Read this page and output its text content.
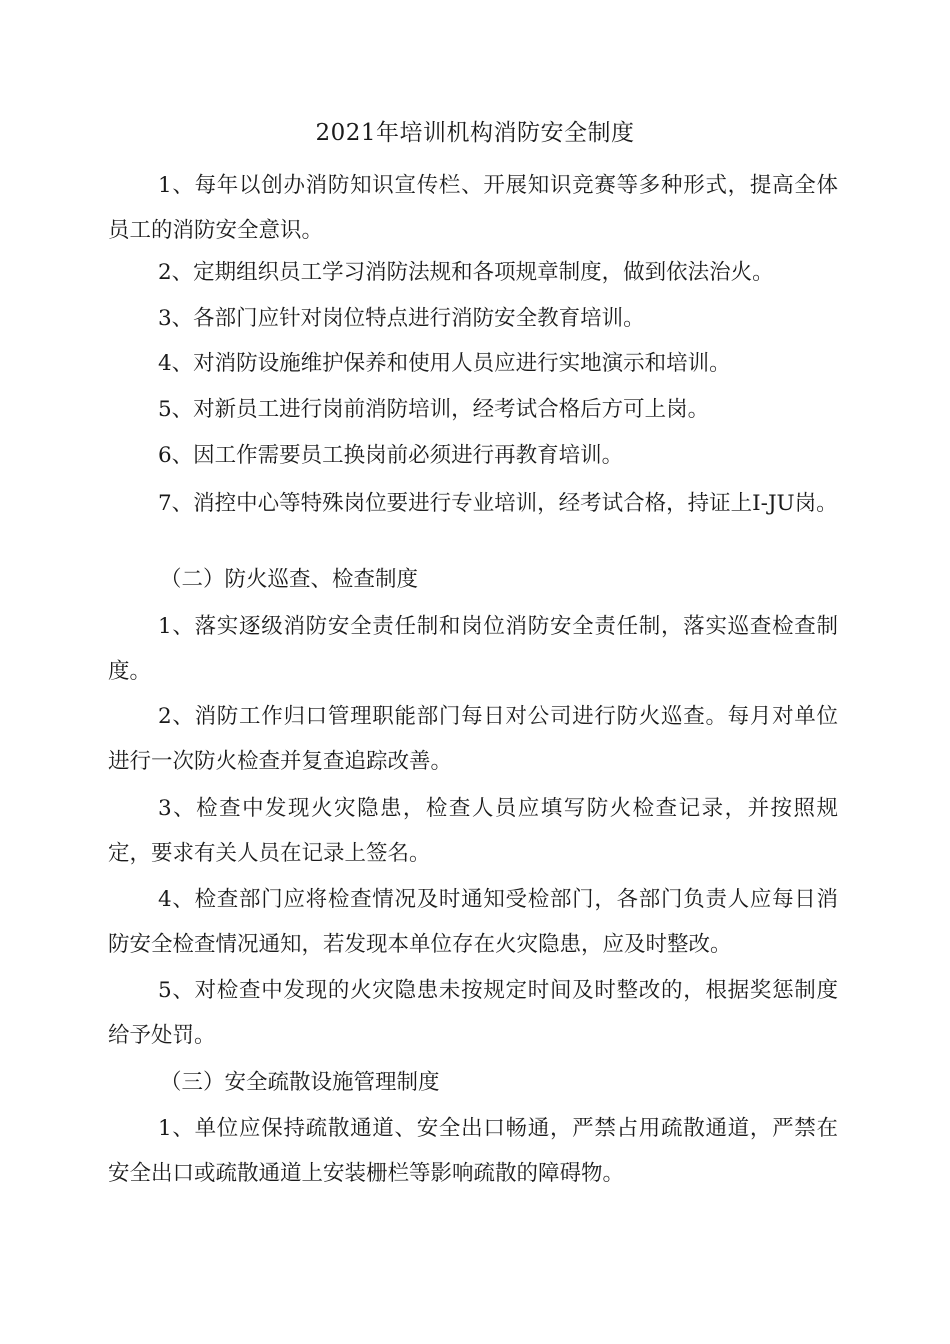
2021年培训机构消防安全制度

1、每年以创办消防知识宣传栏、开展知识竞赛等多种形式，提高全体员工的消防安全意识。

2、定期组织员工学习消防法规和各项规章制度，做到依法治火。

3、各部门应针对岗位特点进行消防安全教育培训。

4、对消防设施维护保养和使用人员应进行实地演示和培训。

5、对新员工进行岗前消防培训，经考试合格后方可上岗。

6、因工作需要员工换岗前必须进行再教育培训。

7、消控中心等特殊岗位要进行专业培训，经考试合格，持证上I-JU岗。

（二）防火巡查、检查制度

1、落实逐级消防安全责任制和岗位消防安全责任制，落实巡查检查制度。

2、消防工作归口管理职能部门每日对公司进行防火巡查。每月对单位进行一次防火检查并复查追踪改善。

3、检查中发现火灾隐患，检查人员应填写防火检查记录，并按照规定，要求有关人员在记录上签名。

4、检查部门应将检查情况及时通知受检部门，各部门负责人应每日消防安全检查情况通知，若发现本单位存在火灾隐患，应及时整改。

5、对检查中发现的火灾隐患未按规定时间及时整改的，根据奖惩制度给予处罚。

（三）安全疏散设施管理制度

1、单位应保持疏散通道、安全出口畅通，严禁占用疏散通道，严禁在安全出口或疏散通道上安装栅栏等影响疏散的障碍物。
